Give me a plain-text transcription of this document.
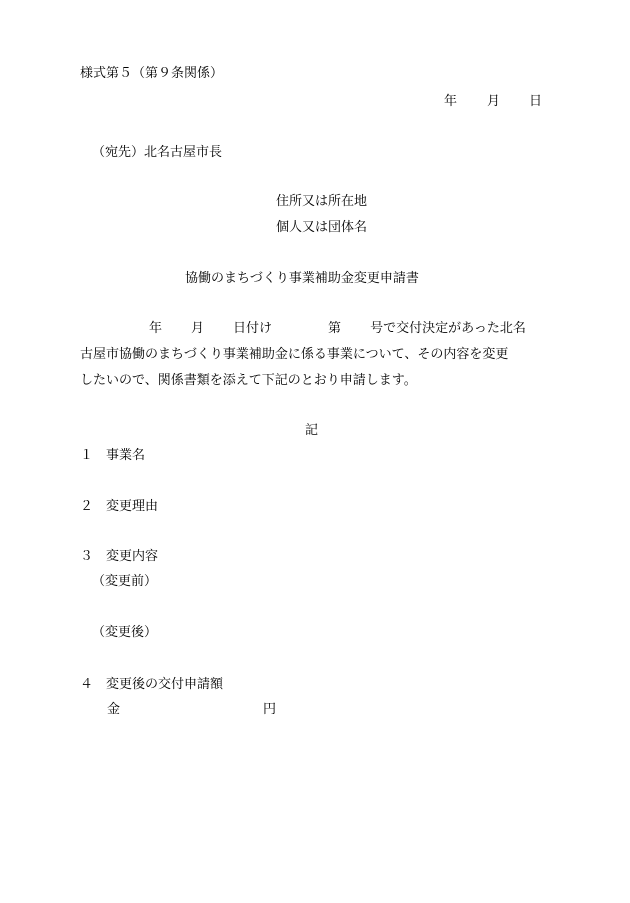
様式第５（第９条関係）
年 月 日
（宛先）北名古屋市長
住所又は所在地
個人又は団体名
協働のまちづくり事業補助金変更申請書
年 月 日付け	第 号で交付決定があった北名
古屋市協働のまちづくり事業補助金に係る事業について、その内容を変更
したいので、関係書類を添えて下記のとおり申請します。
記
１ 事業名
２ 変更理由
３ 変更内容
（変更前）
（変更後）
４ 変更後の交付申請額
金	円
